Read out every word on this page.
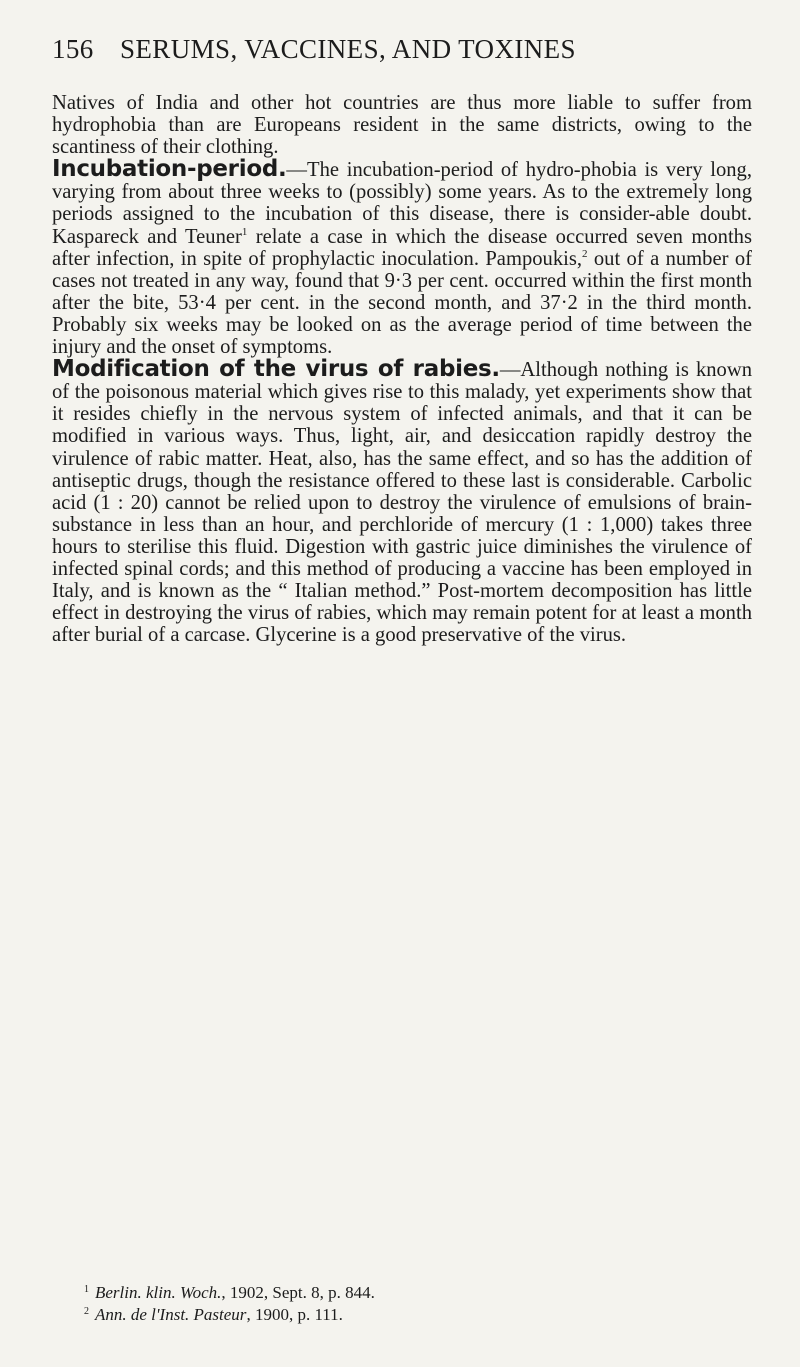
156 SERUMS, VACCINES, AND TOXINES

Natives of India and other hot countries are thus more liable to suffer from hydrophobia than are Europeans resident in the same districts, owing to the scantiness of their clothing.

Incubation-period.—The incubation-period of hydro-phobia is very long, varying from about three weeks to (possibly) some years. As to the extremely long periods assigned to the incubation of this disease, there is consider-able doubt. Kaspareck and Teuner$^1$ relate a case in which the disease occurred seven months after infection, in spite of prophylactic inoculation. Pampoukis,$^2$ out of a number of cases not treated in any way, found that 9·3 per cent. occurred within the first month after the bite, 53·4 per cent. in the second month, and 37·2 in the third month. Probably six weeks may be looked on as the average period of time between the injury and the onset of symptoms.

Modification of the virus of rabies.—Although nothing is known of the poisonous material which gives rise to this malady, yet experiments show that it resides chiefly in the nervous system of infected animals, and that it can be modified in various ways. Thus, light, air, and desiccation rapidly destroy the virulence of rabic matter. Heat, also, has the same effect, and so has the addition of antiseptic drugs, though the resistance offered to these last is considerable. Carbolic acid (1 : 20) cannot be relied upon to destroy the virulence of emulsions of brain-substance in less than an hour, and perchloride of mercury (1 : 1,000) takes three hours to sterilise this fluid. Digestion with gastric juice diminishes the virulence of infected spinal cords; and this method of producing a vaccine has been employed in Italy, and is known as the “ Italian method.” Post-mortem decomposition has little effect in destroying the virus of rabies, which may remain potent for at least a month after burial of a carcase. Glycerine is a good preservative of the virus.

$^1$ Berlin. klin. Woch., 1902, Sept. 8, p. 844.
$^2$ Ann. de l'Inst. Pasteur, 1900, p. 111.
